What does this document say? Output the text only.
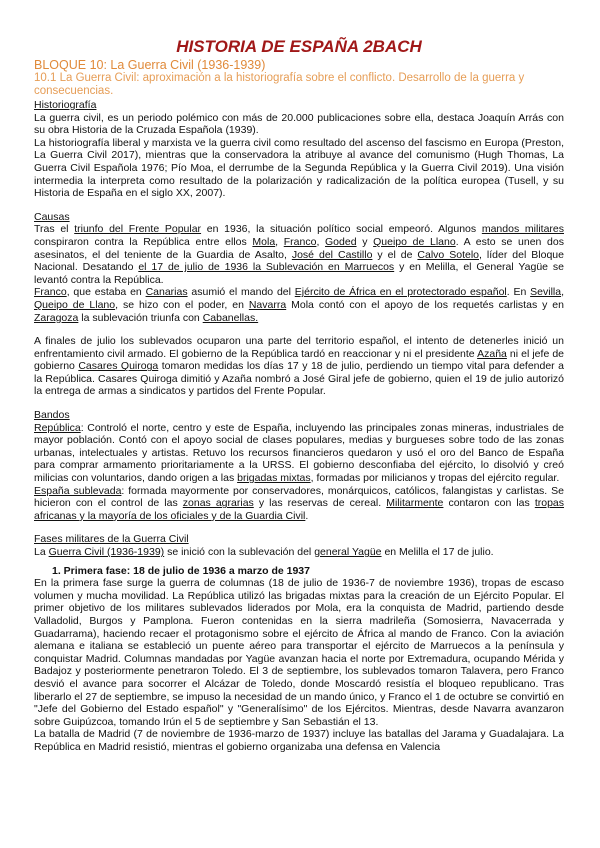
HISTORIA DE ESPAÑA 2BACH
BLOQUE 10: La Guerra Civil (1936-1939)
10.1 La Guerra Civil: aproximación a la historiografía sobre el conflicto. Desarrollo de la guerra y consecuencias.
Historiografía

La guerra civil, es un periodo polémico con más de 20.000 publicaciones sobre ella, destaca Joaquín Arrás con su obra Historia de la Cruzada Española (1939).

La historiografía liberal y marxista ve la guerra civil como resultado del ascenso del fascismo en Europa (Preston, La Guerra Civil 2017), mientras que la conservadora la atribuye al avance del comunismo (Hugh Thomas, La Guerra Civil Española 1976; Pío Moa, el derrumbe de la Segunda República y la Guerra Civil 2019). Una visión intermedia la interpreta como resultado de la polarización y radicalización de la política europea (Tusell, y su Historia de España en el siglo XX, 2007).

Causas

Tras el triunfo del Frente Popular en 1936, la situación político social empeoró. Algunos mandos militares conspiraron contra la República entre ellos Mola, Franco, Goded y Queipo de Llano. A esto se unen dos asesinatos, el del teniente de la Guardia de Asalto, José del Castillo y el de Calvo Sotelo, líder del Bloque Nacional. Desatando el 17 de julio de 1936 la Sublevación en Marruecos y en Melilla, el General Yagüe se levantó contra la República.

Franco, que estaba en Canarias asumió el mando del Ejército de África en el protectorado español. En Sevilla, Queipo de Llano, se hizo con el poder, en Navarra Mola contó con el apoyo de los requetés carlistas y en Zaragoza la sublevación triunfa con Cabanellas.

A finales de julio los sublevados ocuparon una parte del territorio español, el intento de detenerles inició un enfrentamiento civil armado. El gobierno de la República tardó en reaccionar y ni el presidente Azaña ni el jefe de gobierno Casares Quiroga tomaron medidas los días 17 y 18 de julio, perdiendo un tiempo vital para defender a la República. Casares Quiroga dimitió y Azaña nombró a José Giral jefe de gobierno, quien el 19 de julio autorizó la entrega de armas a sindicatos y partidos del Frente Popular.

Bandos

República: Controló el norte, centro y este de España, incluyendo las principales zonas mineras, industriales de mayor población. Contó con el apoyo social de clases populares, medias y burgueses sobre todo de las zonas urbanas, intelectuales y artistas. Retuvo los recursos financieros quedaron y usó el oro del Banco de España para comprar armamento prioritariamente a la URSS. El gobierno desconfiaba del ejército, lo disolvió y creó milicias con voluntarios, dando origen a las brigadas mixtas, formadas por milicianos y tropas del ejército regular.

España sublevada: formada mayormente por conservadores, monárquicos, católicos, falangistas y carlistas. Se hicieron con el control de las zonas agrarias y las reservas de cereal. Militarmente contaron con las tropas africanas y la mayoría de los oficiales y de la Guardia Civil.

Fases militares de la Guerra Civil

La Guerra Civil (1936-1939) se inició con la sublevación del general Yagüe en Melilla el 17 de julio.

1. Primera fase: 18 de julio de 1936 a marzo de 1937

En la primera fase surge la guerra de columnas (18 de julio de 1936-7 de noviembre 1936), tropas de escaso volumen y mucha movilidad. La República utilizó las brigadas mixtas para la creación de un Ejército Popular. El primer objetivo de los militares sublevados liderados por Mola, era la conquista de Madrid, partiendo desde Valladolid, Burgos y Pamplona. Fueron contenidas en la sierra madrileña (Somosierra, Navacerrada y Guadarrama), haciendo recaer el protagonismo sobre el ejército de África al mando de Franco. Con la aviación alemana e italiana se estableció un puente aéreo para transportar el ejército de Marruecos a la península y conquistar Madrid. Columnas mandadas por Yagüe avanzan hacia el norte por Extremadura, ocupando Mérida y Badajoz y posteriormente penetraron Toledo. El 3 de septiembre, los sublevados tomaron Talavera, pero Franco desvió el avance para socorrer el Alcázar de Toledo, donde Moscardó resistía el bloqueo republicano. Tras liberarlo el 27 de septiembre, se impuso la necesidad de un mando único, y Franco el 1 de octubre se convirtió en "Jefe del Gobierno del Estado español" y "Generalísimo" de los Ejércitos. Mientras, desde Navarra avanzaron sobre Guipúzcoa, tomando Irún el 5 de septiembre y San Sebastián el 13.

La batalla de Madrid (7 de noviembre de 1936-marzo de 1937) incluye las batallas del Jarama y Guadalajara. La República en Madrid resistió, mientras el gobierno organizaba una defensa en Valencia
